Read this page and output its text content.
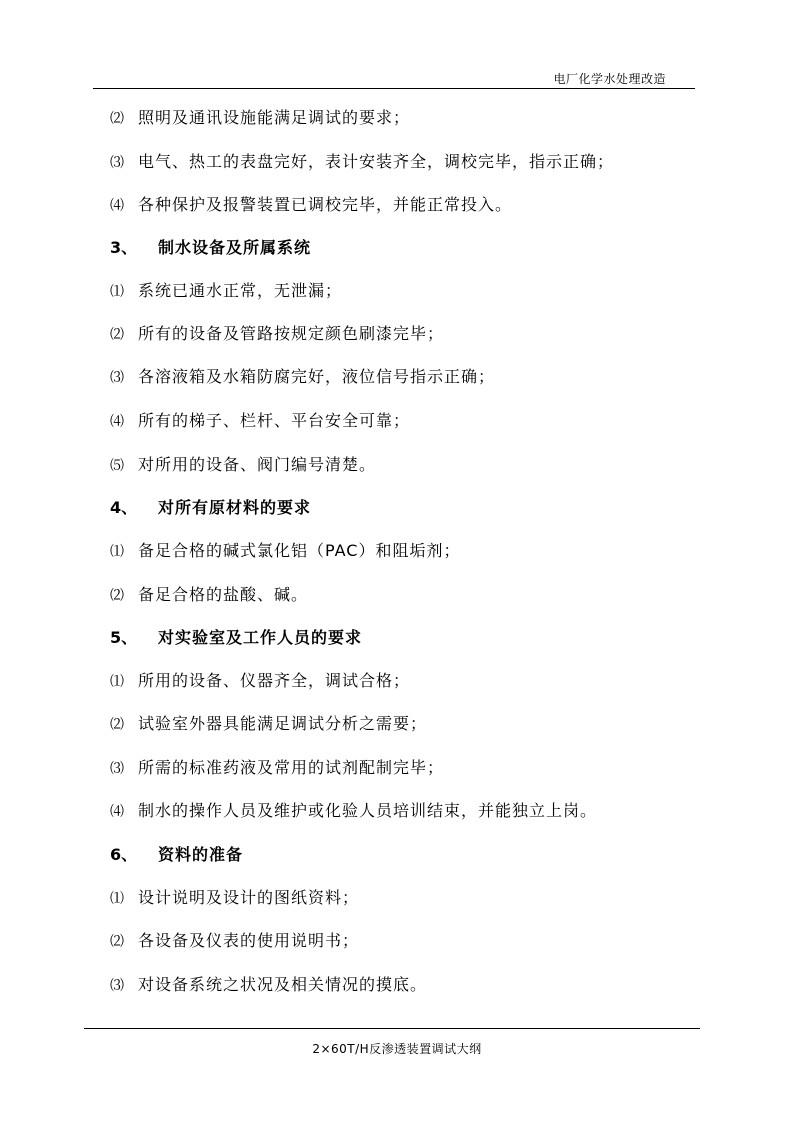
电厂化学水处理改造
⑵ 照明及通讯设施能满足调试的要求；
⑶ 电气、热工的表盘完好，表计安装齐全，调校完毕，指示正确；
⑷ 各种保护及报警装置已调校完毕，并能正常投入。
3、 制水设备及所属系统
⑴ 系统已通水正常，无泄漏；
⑵ 所有的设备及管路按规定颜色刷漆完毕；
⑶ 各溶液箱及水箱防腐完好，液位信号指示正确；
⑷ 所有的梯子、栏杆、平台安全可靠；
⑸ 对所用的设备、阀门编号清楚。
4、 对所有原材料的要求
⑴ 备足合格的碱式氯化铝（PAC）和阻垢剂；
⑵ 备足合格的盐酸、碱。
5、 对实验室及工作人员的要求
⑴ 所用的设备、仪器齐全，调试合格；
⑵ 试验室外器具能满足调试分析之需要；
⑶ 所需的标准药液及常用的试剂配制完毕；
⑷ 制水的操作人员及维护或化验人员培训结束，并能独立上岗。
6、 资料的准备
⑴ 设计说明及设计的图纸资料；
⑵ 各设备及仪表的使用说明书；
⑶ 对设备系统之状况及相关情况的摸底。
2×60T/H反渗透装置调试大纲
